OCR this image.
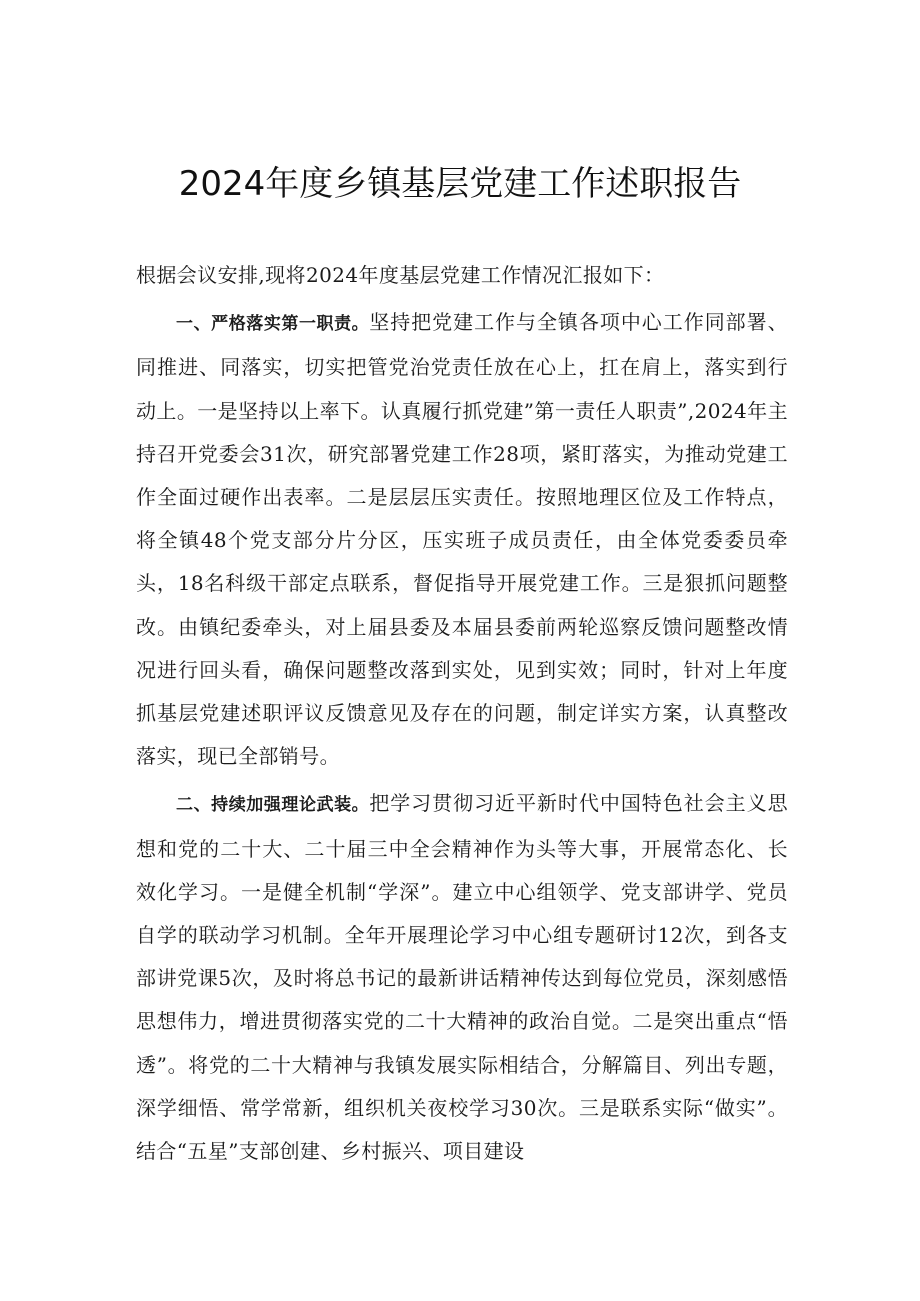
2024年度乡镇基层党建工作述职报告

根据会议安排,现将2024年度基层党建工作情况汇报如下：

一、严格落实第一职责。坚持把党建工作与全镇各项中心工作同部署、同推进、同落实，切实把管党治党责任放在心上，扛在肩上，落实到行动上。一是坚持以上率下。认真履行抓党建”第一责任人职责”,2024年主持召开党委会31次，研究部署党建工作28项，紧盯落实，为推动党建工作全面过硬作出表率。二是层层压实责任。按照地理区位及工作特点，将全镇48个党支部分片分区，压实班子成员责任，由全体党委委员牵头，18名科级干部定点联系，督促指导开展党建工作。三是狠抓问题整改。由镇纪委牵头，对上届县委及本届县委前两轮巡察反馈问题整改情况进行回头看，确保问题整改落到实处，见到实效；同时，针对上年度抓基层党建述职评议反馈意见及存在的问题，制定详实方案，认真整改落实，现已全部销号。

二、持续加强理论武装。把学习贯彻习近平新时代中国特色社会主义思想和党的二十大、二十届三中全会精神作为头等大事，开展常态化、长效化学习。一是健全机制“学深”。建立中心组领学、党支部讲学、党员自学的联动学习机制。全年开展理论学习中心组专题研讨12次，到各支部讲党课5次，及时将总书记的最新讲话精神传达到每位党员，深刻感悟思想伟力，增进贯彻落实党的二十大精神的政治自觉。二是突出重点“悟透”。将党的二十大精神与我镇发展实际相结合，分解篇目、列出专题，深学细悟、常学常新，组织机关夜校学习30次。三是联系实际“做实”。结合“五星”支部创建、乡村振兴、项目建设
